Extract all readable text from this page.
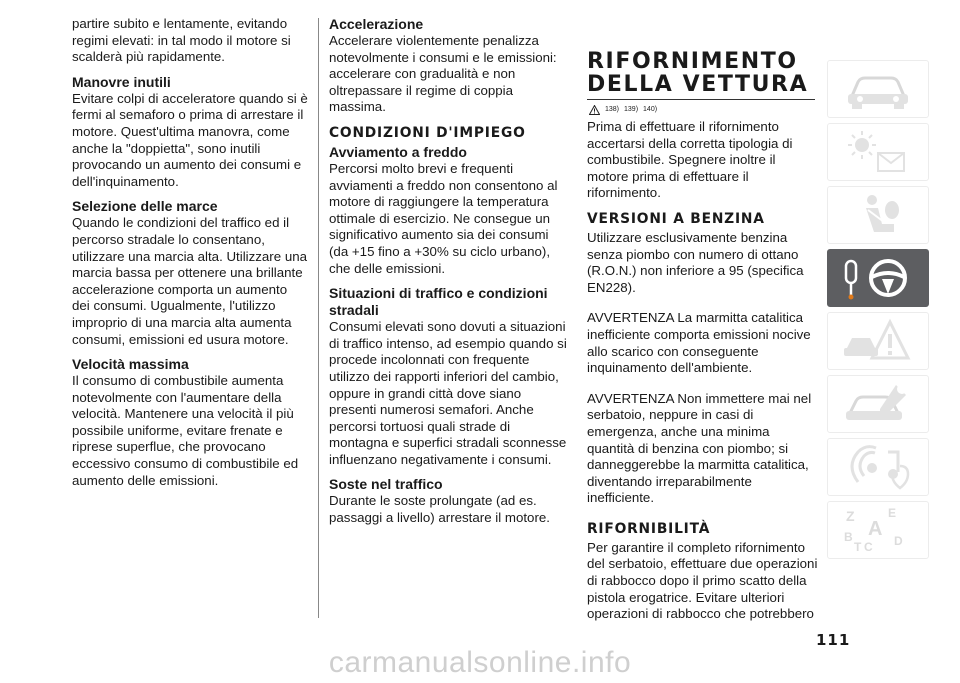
partire subito e lentamente, evitando regimi elevati: in tal modo il motore si scalderà più rapidamente.

Manovre inutili

Evitare colpi di acceleratore quando si è fermi al semaforo o prima di arrestare il motore. Quest'ultima manovra, come anche la "doppietta", sono inutili provocando un aumento dei consumi e dell'inquinamento.

Selezione delle marce

Quando le condizioni del traffico ed il percorso stradale lo consentano, utilizzare una marcia alta. Utilizzare una marcia bassa per ottenere una brillante accelerazione comporta un aumento dei consumi. Ugualmente, l'utilizzo improprio di una marcia alta aumenta consumi, emissioni ed usura motore.

Velocità massima

Il consumo di combustibile aumenta notevolmente con l'aumentare della velocità. Mantenere una velocità il più possibile uniforme, evitare frenate e riprese superflue, che provocano eccessivo consumo di combustibile ed aumento delle emissioni.

Accelerazione

Accelerare violentemente penalizza notevolmente i consumi e le emissioni: accelerare con gradualità e non oltrepassare il regime di coppia massima.

CONDIZIONI D'IMPIEGO

Avviamento a freddo

Percorsi molto brevi e frequenti avviamenti a freddo non consentono al motore di raggiungere la temperatura ottimale di esercizio. Ne consegue un significativo aumento sia dei consumi (da +15 fino a +30% su ciclo urbano), che delle emissioni.

Situazioni di traffico e condizioni stradali

Consumi elevati sono dovuti a situazioni di traffico intenso, ad esempio quando si procede incolonnati con frequente utilizzo dei rapporti inferiori del cambio, oppure in grandi città dove siano presenti numerosi semafori. Anche percorsi tortuosi quali strade di montagna e superfici stradali sconnesse influenzano negativamente i consumi.

Soste nel traffico

Durante le soste prolungate (ad es. passaggi a livello) arrestare il motore.

RIFORNIMENTO

DELLA VETTURA

138) 139) 140)

Prima di effettuare il rifornimento accertarsi della corretta tipologia di combustibile. Spegnere inoltre il motore prima di effettuare il rifornimento.

VERSIONI A BENZINA

Utilizzare esclusivamente benzina senza piombo con numero di ottano (R.O.N.) non inferiore a 95 (specifica EN228).

AVVERTENZA La marmitta catalitica inefficiente comporta emissioni nocive allo scarico con conseguente inquinamento dell'ambiente.

AVVERTENZA Non immettere mai nel serbatoio, neppure in casi di emergenza, anche una minima quantità di benzina con piombo; si danneggerebbe la marmitta catalitica, diventando irreparabilmente inefficiente.

RIFORNIBILITÀ

Per garantire il completo rifornimento del serbatoio, effettuare due operazioni di rabbocco dopo il primo scatto della pistola erogatrice. Evitare ulteriori operazioni di rabbocco che potrebbero

Z	E
A
B
C
T	D
111
carmanualsonline.info
